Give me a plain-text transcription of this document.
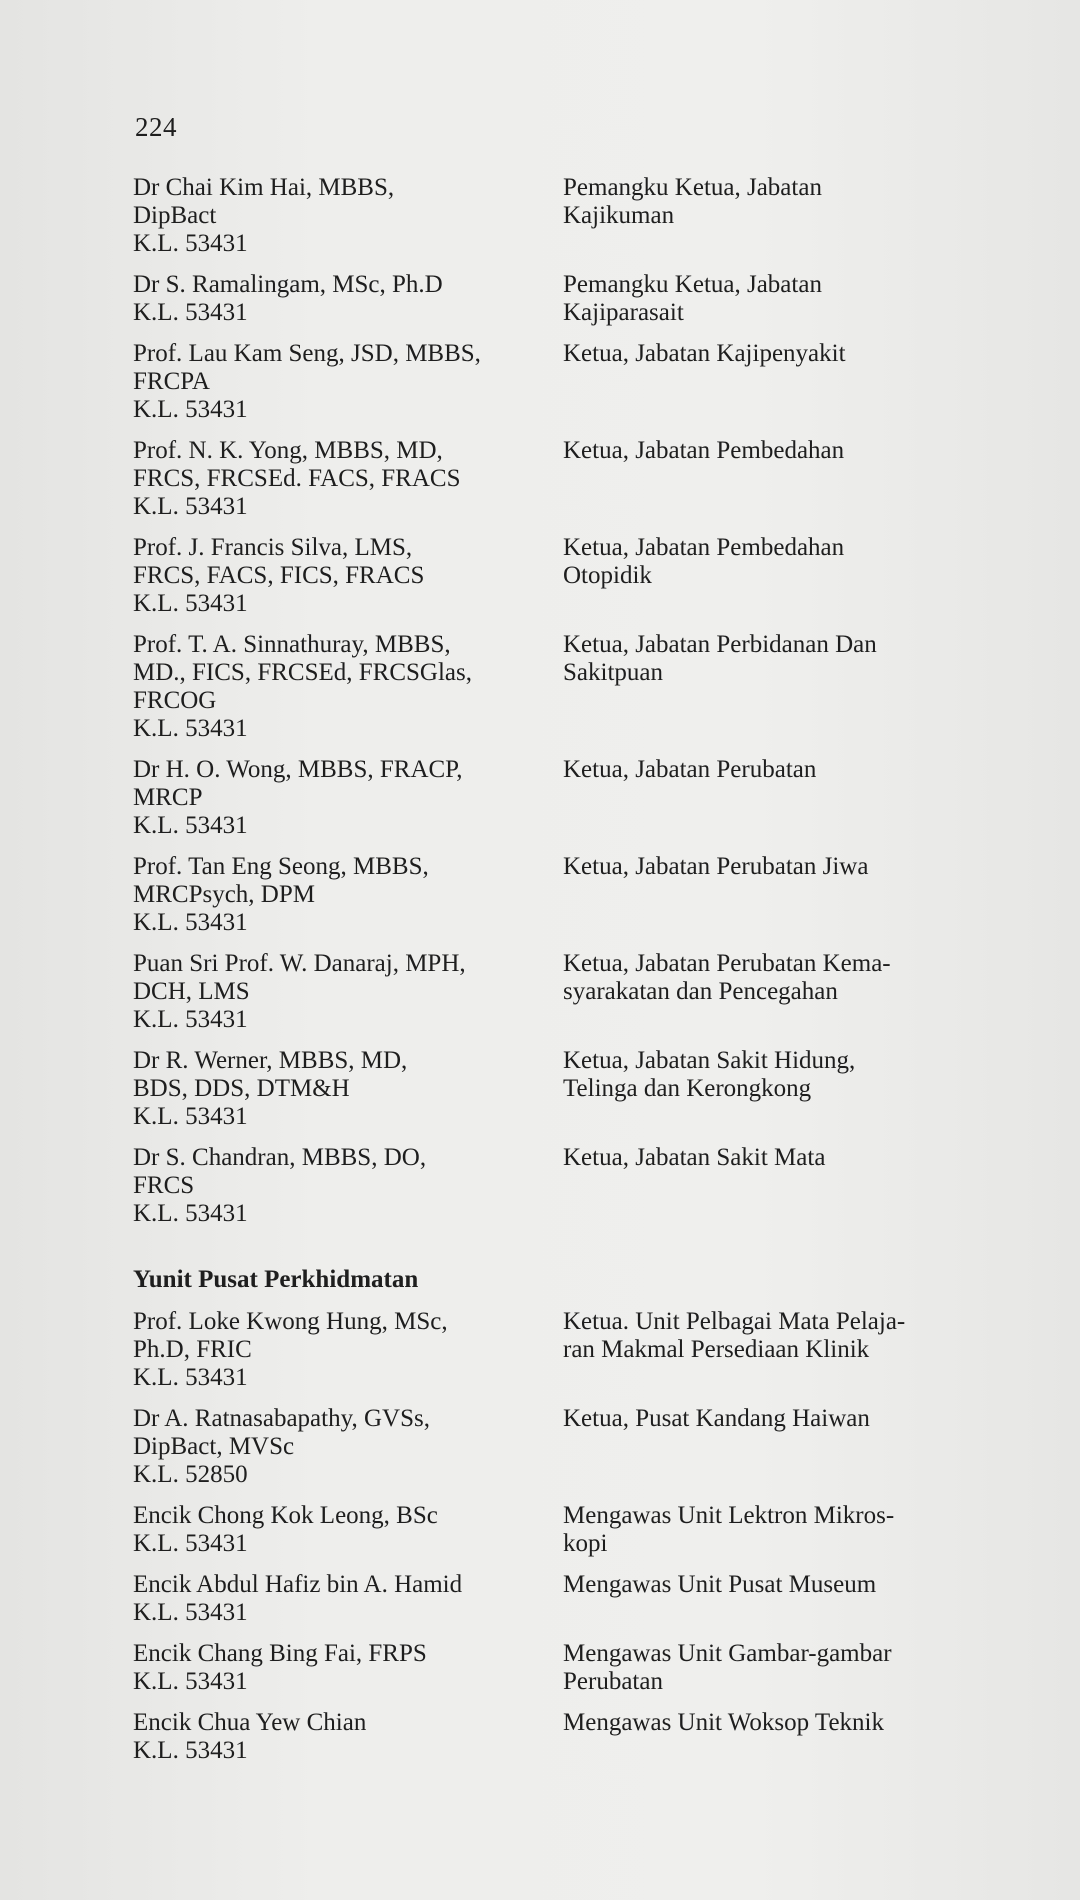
224
Dr Chai Kim Hai, MBBS,
DipBact
K.L. 53431
Pemangku Ketua, Jabatan
Kajikuman
Dr S. Ramalingam, MSc, Ph.D
K.L. 53431
Pemangku Ketua, Jabatan
Kajiparasait
Prof. Lau Kam Seng, JSD, MBBS,
FRCPA
K.L. 53431
Ketua, Jabatan Kajipenyakit
Prof. N. K. Yong, MBBS, MD,
FRCS, FRCSEd. FACS, FRACS
K.L. 53431
Ketua, Jabatan Pembedahan
Prof. J. Francis Silva, LMS,
FRCS, FACS, FICS, FRACS
K.L. 53431
Ketua, Jabatan Pembedahan
Otopidik
Prof. T. A. Sinnathuray, MBBS,
MD., FICS, FRCSEd, FRCSGlas,
FRCOG
K.L. 53431
Ketua, Jabatan Perbidanan Dan
Sakitpuan
Dr H. O. Wong, MBBS, FRACP,
MRCP
K.L. 53431
Ketua, Jabatan Perubatan
Prof. Tan Eng Seong, MBBS,
MRCPsych, DPM
K.L. 53431
Ketua, Jabatan Perubatan Jiwa
Puan Sri Prof. W. Danaraj, MPH,
DCH, LMS
K.L. 53431
Ketua, Jabatan Perubatan Kema-
syarakatan dan Pencegahan
Dr R. Werner, MBBS, MD,
BDS, DDS, DTM&H
K.L. 53431
Ketua, Jabatan Sakit Hidung,
Telinga dan Kerongkong
Dr S. Chandran, MBBS, DO,
FRCS
K.L. 53431
Ketua, Jabatan Sakit Mata
Yunit Pusat Perkhidmatan
Prof. Loke Kwong Hung, MSc,
Ph.D, FRIC
K.L. 53431
Ketua. Unit Pelbagai Mata Pelaja-
ran Makmal Persediaan Klinik
Dr A. Ratnasabapathy, GVSs,
DipBact, MVSc
K.L. 52850
Ketua, Pusat Kandang Haiwan
Encik Chong Kok Leong, BSc
K.L. 53431
Mengawas Unit Lektron Mikros-
kopi
Encik Abdul Hafiz bin A. Hamid
K.L. 53431
Mengawas Unit Pusat Museum
Encik Chang Bing Fai, FRPS
K.L. 53431
Mengawas Unit Gambar-gambar
Perubatan
Encik Chua Yew Chian
K.L. 53431
Mengawas Unit Woksop Teknik
